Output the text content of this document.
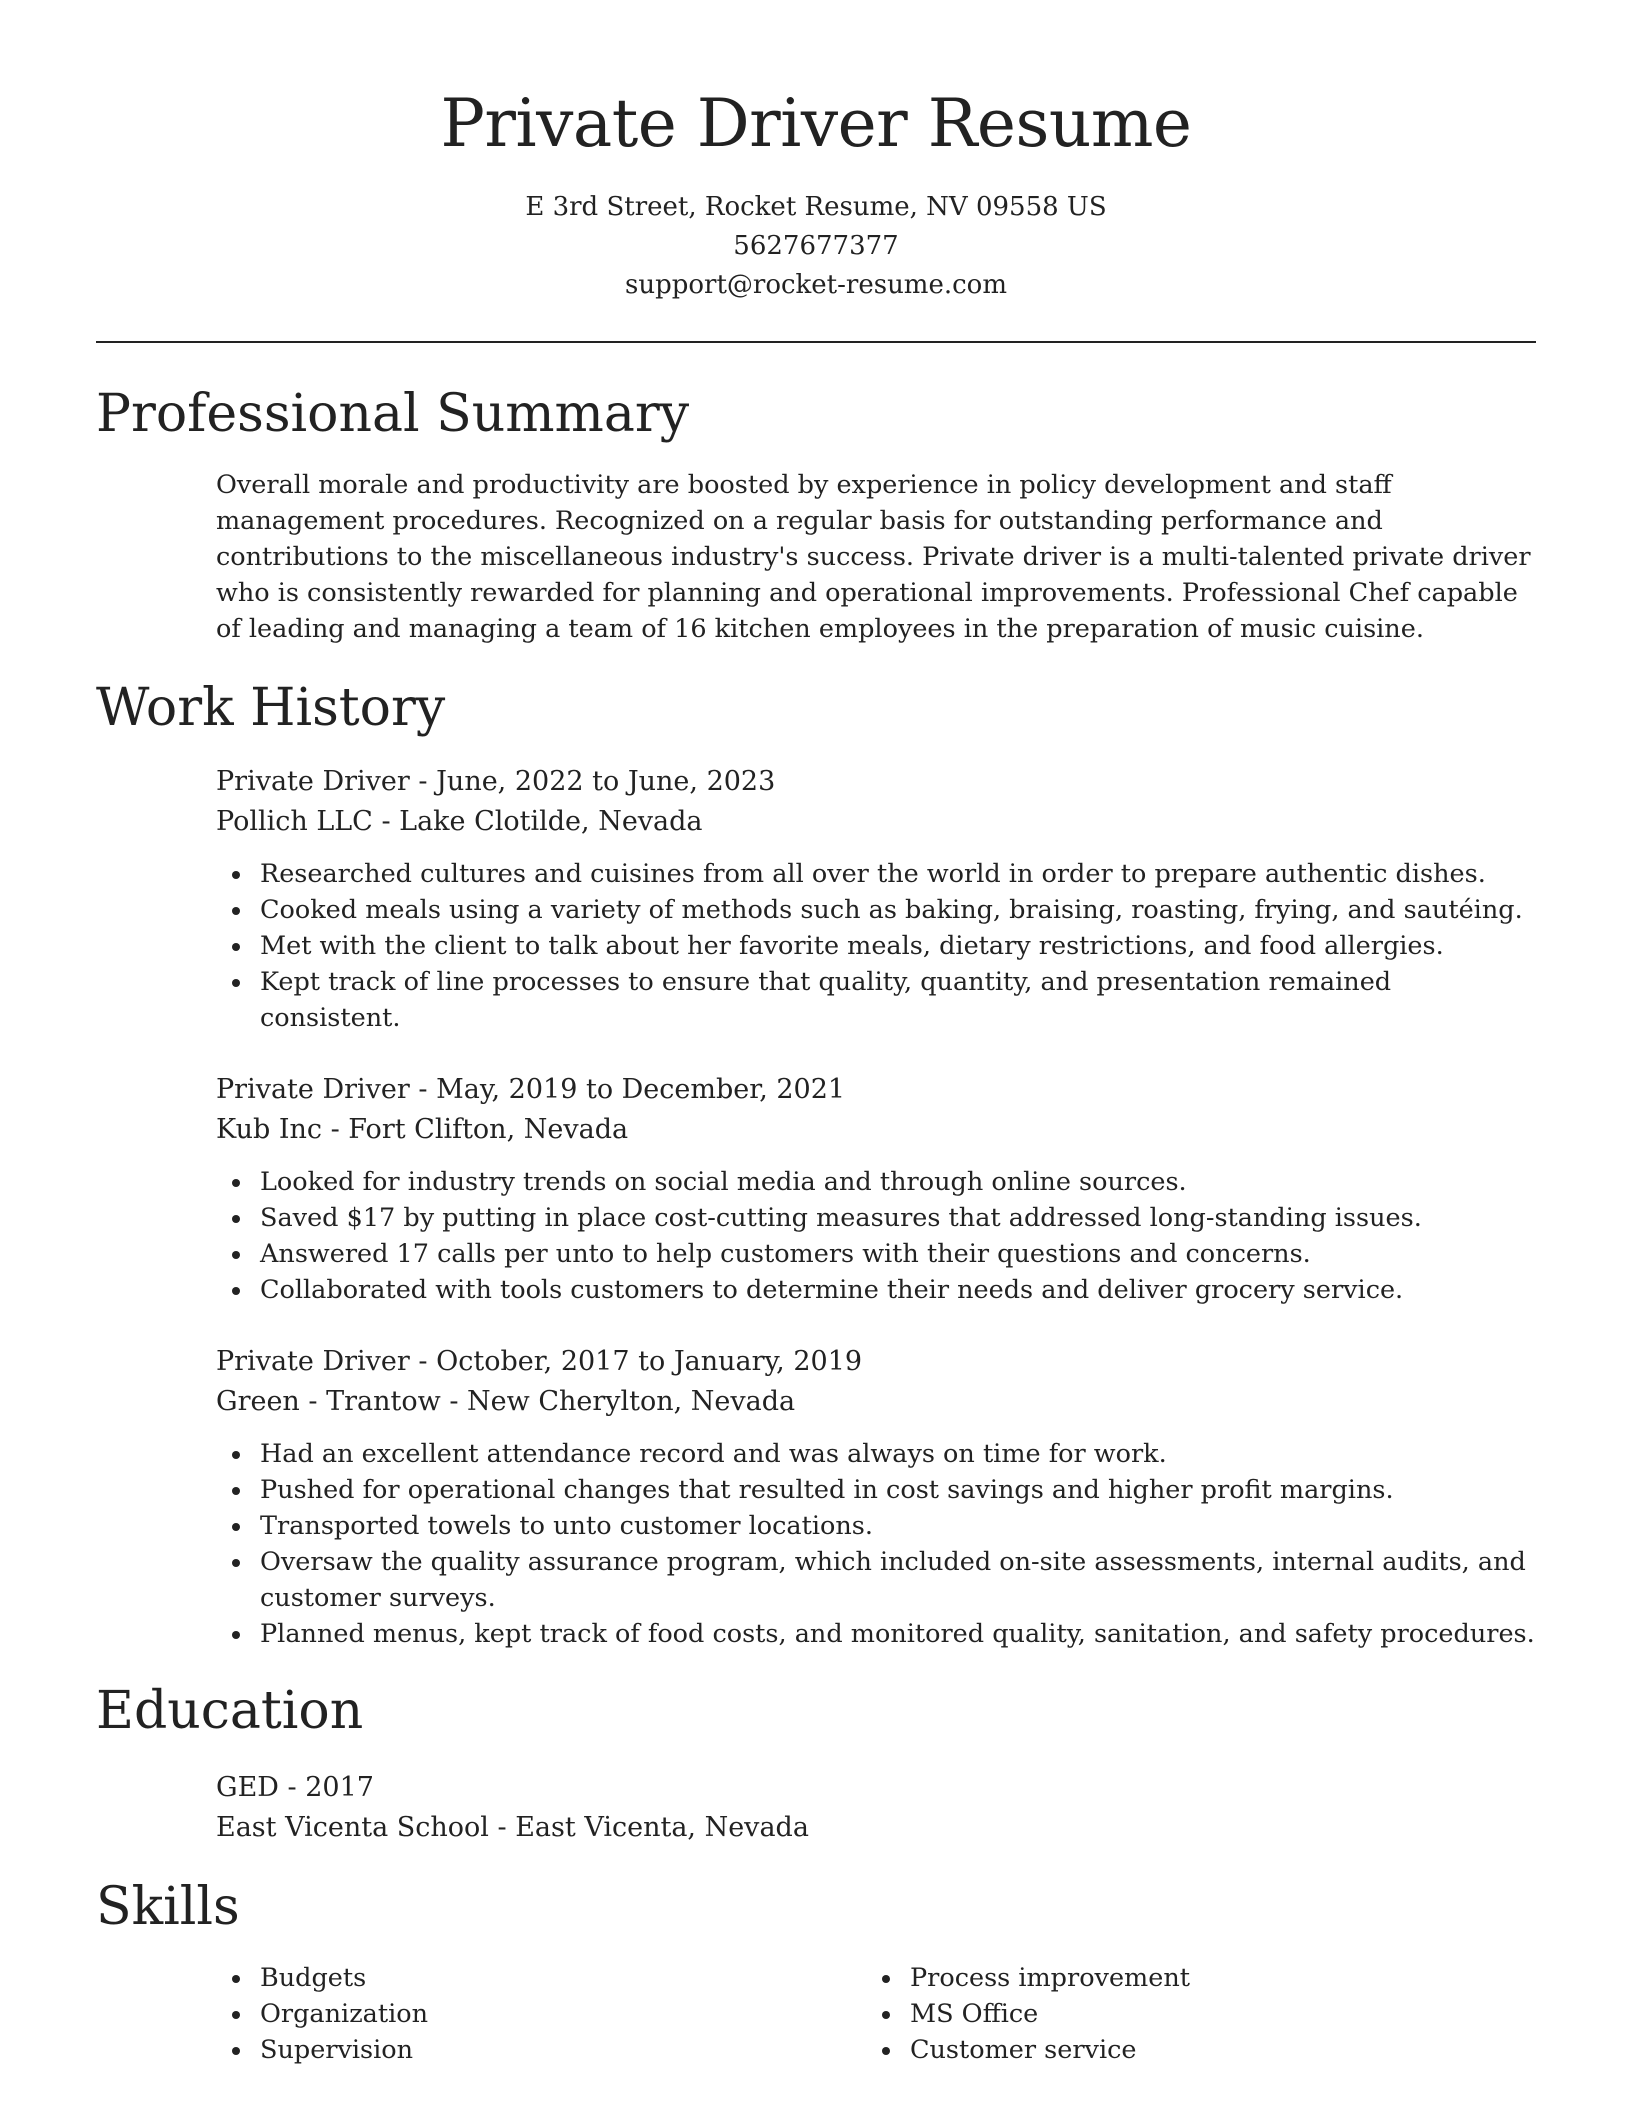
Private Driver Resume
E 3rd Street, Rocket Resume, NV 09558 US
5627677377
support@rocket-resume.com
Professional Summary
Overall morale and productivity are boosted by experience in policy development and staff management procedures. Recognized on a regular basis for outstanding performance and contributions to the miscellaneous industry's success. Private driver is a multi-talented private driver who is consistently rewarded for planning and operational improvements. Professional Chef capable of leading and managing a team of 16 kitchen employees in the preparation of music cuisine.
Work History
Private Driver - June, 2022 to June, 2023
Pollich LLC - Lake Clotilde, Nevada
Researched cultures and cuisines from all over the world in order to prepare authentic dishes.
Cooked meals using a variety of methods such as baking, braising, roasting, frying, and sautéing.
Met with the client to talk about her favorite meals, dietary restrictions, and food allergies.
Kept track of line processes to ensure that quality, quantity, and presentation remained consistent.
Private Driver - May, 2019 to December, 2021
Kub Inc - Fort Clifton, Nevada
Looked for industry trends on social media and through online sources.
Saved $17 by putting in place cost-cutting measures that addressed long-standing issues.
Answered 17 calls per unto to help customers with their questions and concerns.
Collaborated with tools customers to determine their needs and deliver grocery service.
Private Driver - October, 2017 to January, 2019
Green - Trantow - New Cherylton, Nevada
Had an excellent attendance record and was always on time for work.
Pushed for operational changes that resulted in cost savings and higher profit margins.
Transported towels to unto customer locations.
Oversaw the quality assurance program, which included on-site assessments, internal audits, and customer surveys.
Planned menus, kept track of food costs, and monitored quality, sanitation, and safety procedures.
Education
GED - 2017
East Vicenta School - East Vicenta, Nevada
Skills
Budgets
Organization
Supervision
Process improvement
MS Office
Customer service
